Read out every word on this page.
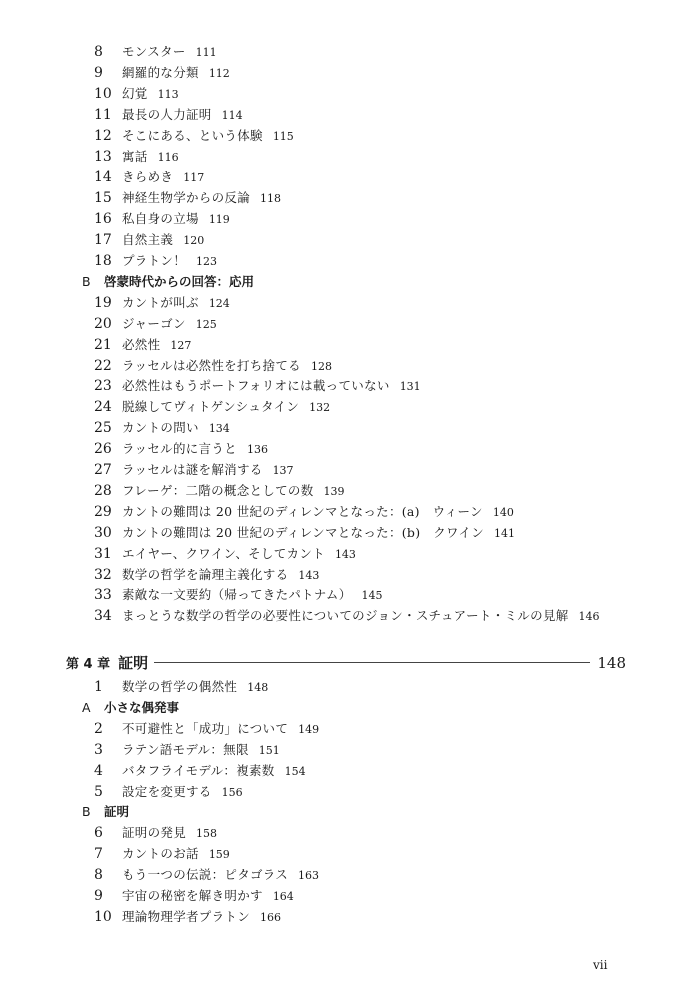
8 モンスター 111
9 網羅的な分類 112
10 幻覚 113
11 最長の人力証明 114
12 そこにある、という体験 115
13 寓話 116
14 きらめき 117
15 神経生物学からの反論 118
16 私自身の立場 119
17 自然主義 120
18 プラトン！ 123
B 啓蒙時代からの回答：応用
19 カントが叫ぶ 124
20 ジャーゴン 125
21 必然性 127
22 ラッセルは必然性を打ち捨てる 128
23 必然性はもうポートフォリオには載っていない 131
24 脱線してヴィトゲンシュタイン 132
25 カントの問い 134
26 ラッセル的に言うと 136
27 ラッセルは謎を解消する 137
28 フレーゲ：二階の概念としての数 139
29 カントの難問は 20 世紀のディレンマとなった：(a)　ウィーン 140
30 カントの難問は 20 世紀のディレンマとなった：(b)　クワイン 141
31 エイヤー、クワイン、そしてカント 143
32 数学の哲学を論理主義化する 143
33 素敵な一文要約（帰ってきたパトナム） 145
34 まっとうな数学の哲学の必要性についてのジョン・スチュアート・ミルの見解 146
1 数学の哲学の偶然性 148
A 小さな偶発事
2 不可避性と「成功」について 149
3 ラテン語モデル：無限 151
4 バタフライモデル：複素数 154
5 設定を変更する 156
B 証明
6 証明の発見 158
7 カントのお話 159
8 もう一つの伝説：ピタゴラス 163
9 宇宙の秘密を解き明かす 164
10 理論物理学者プラトン 166
第 4 章 証明	148
vii
